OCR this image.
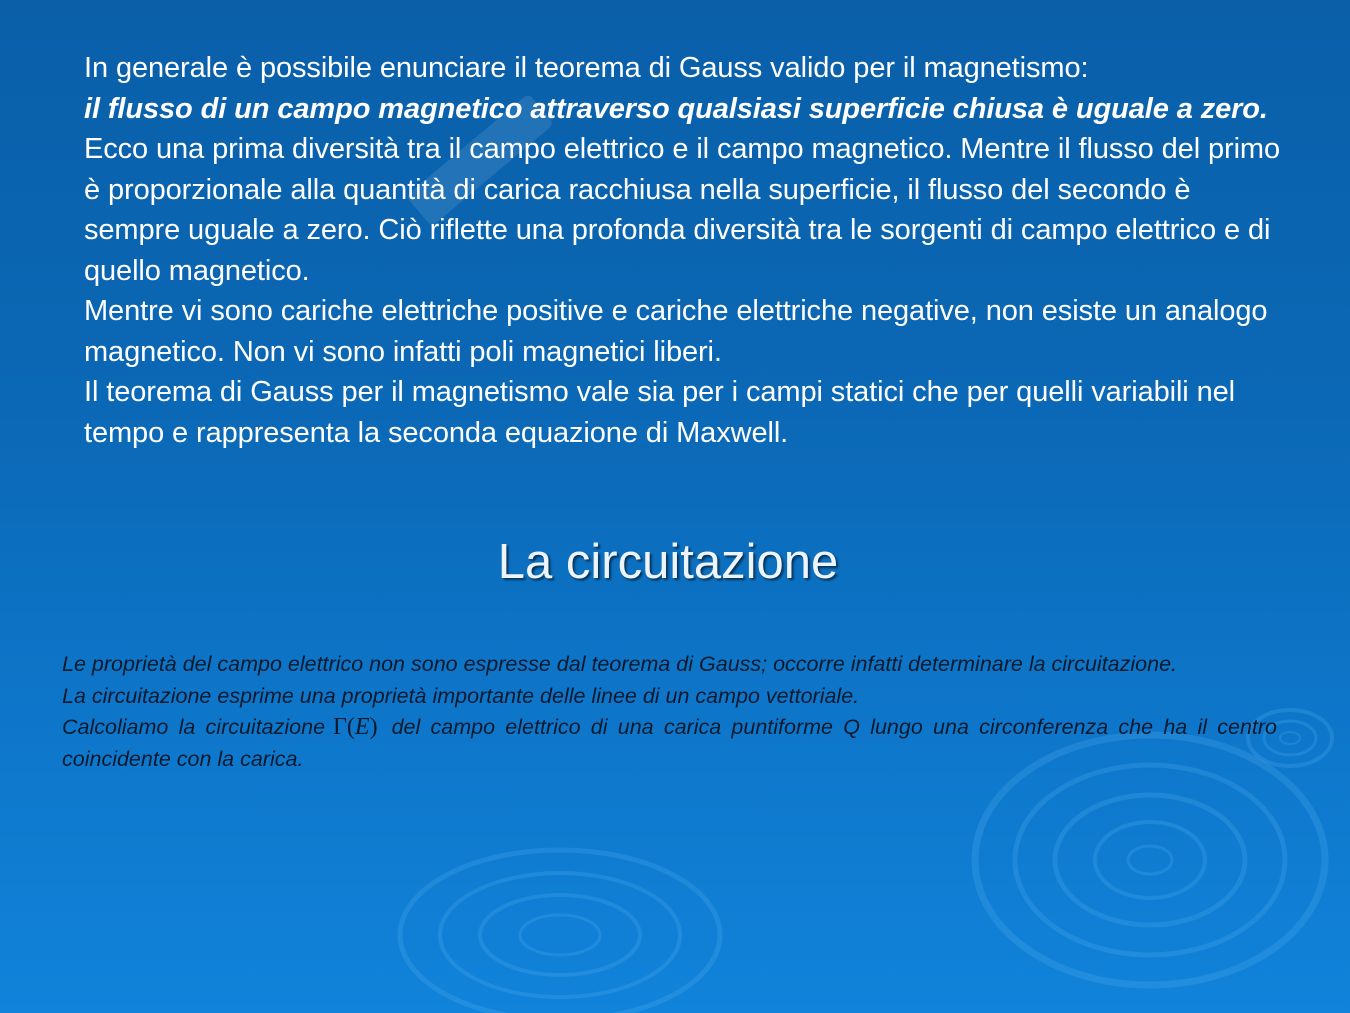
In generale è possibile enunciare il teorema di Gauss valido per il magnetismo:

il flusso di un campo magnetico attraverso qualsiasi superficie chiusa è uguale a zero.

Ecco una prima diversità tra il campo elettrico e il campo magnetico. Mentre il flusso del primo è proporzionale alla quantità di carica racchiusa nella superficie, il flusso del secondo è sempre uguale a zero. Ciò riflette una profonda diversità tra le sorgenti di campo elettrico e di quello magnetico.

Mentre vi sono cariche elettriche positive e cariche elettriche negative, non esiste un analogo magnetico. Non vi sono infatti poli magnetici liberi.

Il teorema di Gauss per il magnetismo vale sia per i campi statici che per quelli variabili nel tempo e rappresenta la seconda equazione di Maxwell.

La circuitazione

Le proprietà del campo elettrico non sono espresse dal teorema di Gauss; occorre infatti determinare la circuitazione.

La circuitazione esprime una proprietà importante delle linee di un campo vettoriale.

Calcoliamo la circuitazione Γ(E) del campo elettrico di una carica puntiforme Q lungo una circonferenza che ha il centro coincidente con la carica.
